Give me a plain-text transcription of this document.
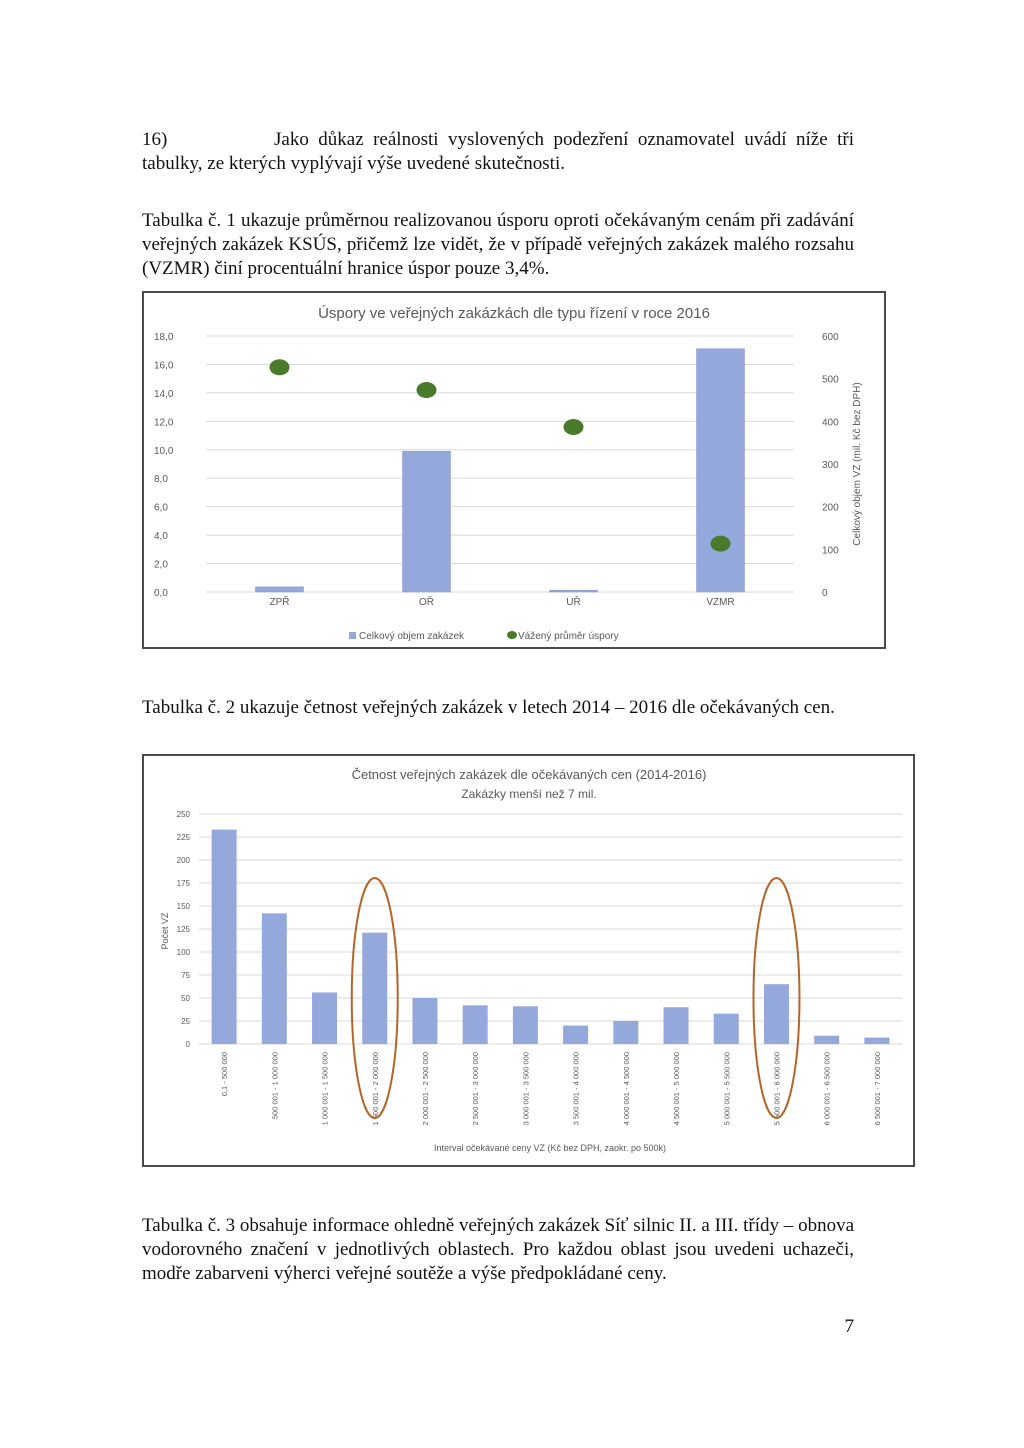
16)	Jako důkaz reálnosti vyslovených podezření oznamovatel uvádí níže tři tabulky, ze kterých vyplývají výše uvedené skutečnosti.
Tabulka č. 1 ukazuje průměrnou realizovanou úsporu oproti očekávaným cenám při zadávání veřejných zakázek KSÚS, přičemž lze vidět, že v případě veřejných zakázek malého rozsahu (VZMR) činí procentuální hranice úspor pouze 3,4%.
Úspory ve veřejných zakázkách dle typu řízení v roce 2016
0,0
2,0
4,0
6,0
8,0
10,0
12,0
14,0
16,0
18,0
0
100
200
300
400
500
600
Celkový objem VZ (mil. Kč bez DPH)
ZPŘ	OŘ	UŘ	VZMR
Celkový objem zakázek	Vážený průměr úspory
Tabulka č. 2 ukazuje četnost veřejných zakázek v letech 2014 – 2016 dle očekávaných cen.
Četnost veřejných zakázek dle očekávaných cen (2014-2016)
Zakázky menší než 7 mil.
0
25
50
75
100
125
150
175
200
225
250
Počet VZ
0,1 - 500 000	500 001 - 1 000 000	1 000 001 - 1 500 000	1 500 001 - 2 000 000	2 000 001 - 2 500 000	2 500 001 - 3 000 000	3 000 001 - 3 500 000	3 500 001 - 4 000 000	4 000 001 - 4 500 000	4 500 001 - 5 000 000	5 000 001 - 5 500 000	5 500 001 - 6 000 000	6 000 001 - 6 500 000	6 500 001 - 7 000 000
Interval očekávané ceny VZ (Kč bez DPH, zaokr. po 500k)
Tabulka č. 3 obsahuje informace ohledně veřejných zakázek Síť silnic II. a III. třídy – obnova vodorovného značení v jednotlivých oblastech. Pro každou oblast jsou uvedeni uchazeči, modře zabarveni výherci veřejné soutěže a výše předpokládané ceny.
7
